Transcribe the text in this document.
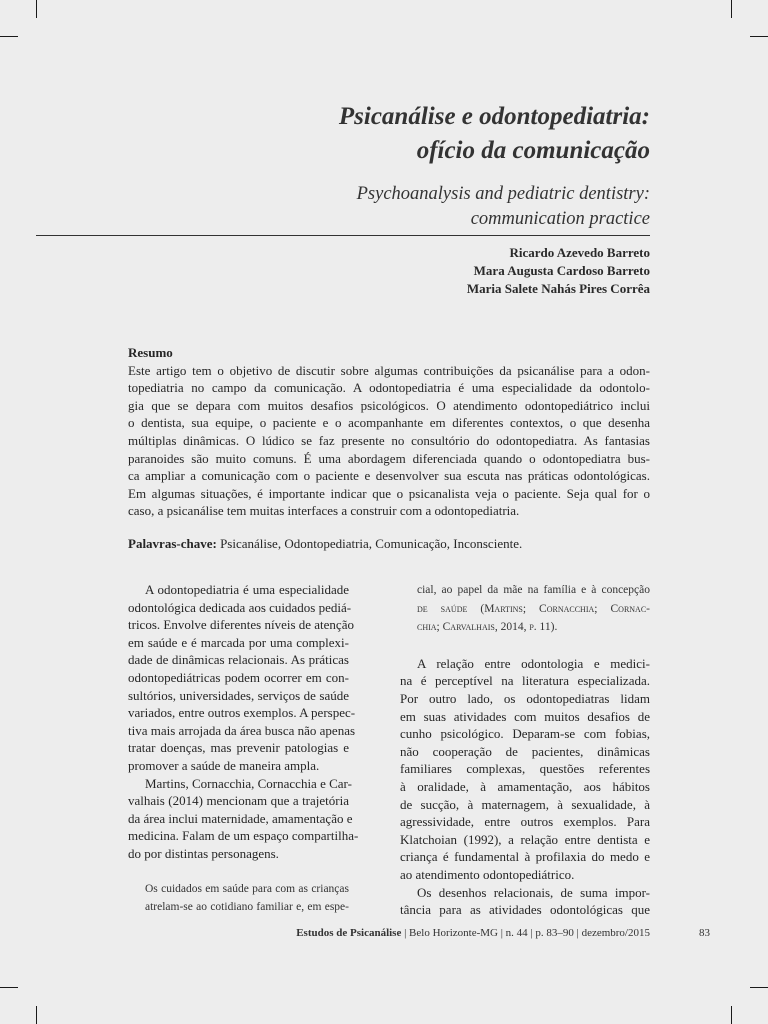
Psicanálise e odontopediatria:
ofício da comunicação
Psychoanalysis and pediatric dentistry:
communication practice
Ricardo Azevedo Barreto
Mara Augusta Cardoso Barreto
Maria Salete Nahás Pires Corrêa
Resumo
Este artigo tem o objetivo de discutir sobre algumas contribuições da psicanálise para a odon-
topediatria no campo da comunicação. A odontopediatria é uma especialidade da odontolo-
gia que se depara com muitos desafios psicológicos. O atendimento odontopediátrico inclui
o dentista, sua equipe, o paciente e o acompanhante em diferentes contextos, o que desenha
múltiplas dinâmicas. O lúdico se faz presente no consultório do odontopediatra. As fantasias
paranoides são muito comuns. É uma abordagem diferenciada quando o odontopediatra bus-
ca ampliar a comunicação com o paciente e desenvolver sua escuta nas práticas odontológicas.
Em algumas situações, é importante indicar que o psicanalista veja o paciente. Seja qual for o
caso, a psicanálise tem muitas interfaces a construir com a odontopediatria.
Palavras-chave: Psicanálise, Odontopediatria, Comunicação, Inconsciente.
A odontopediatria é uma especialidade
odontológica dedicada aos cuidados pediá-
tricos. Envolve diferentes níveis de atenção
em saúde e é marcada por uma complexi-
dade de dinâmicas relacionais. As práticas
odontopediátricas podem ocorrer em con-
sultórios, universidades, serviços de saúde
variados, entre outros exemplos. A perspec-
tiva mais arrojada da área busca não apenas
tratar doenças, mas prevenir patologias e
promover a saúde de maneira ampla.
Martins, Cornacchia, Cornacchia e Car-
valhais (2014) mencionam que a trajetória
da área inclui maternidade, amamentação e
medicina. Falam de um espaço compartilha-
do por distintas personagens.
Os cuidados em saúde para com as crianças
atrelam-se ao cotidiano familiar e, em espe-
cial, ao papel da mãe na família e à concepção
de saúde (Martins; Cornacchia; Cornac-
chia; Carvalhais, 2014, p. 11).
A relação entre odontologia e medici-
na é perceptível na literatura especializada.
Por outro lado, os odontopediatras lidam
em suas atividades com muitos desafios de
cunho psicológico. Deparam-se com fobias,
não cooperação de pacientes, dinâmicas
familiares complexas, questões referentes
à oralidade, à amamentação, aos hábitos
de sucção, à maternagem, à sexualidade, à
agressividade, entre outros exemplos. Para
Klatchoian (1992), a relação entre dentista e
criança é fundamental à profilaxia do medo e
ao atendimento odontopediátrico.
Os desenhos relacionais, de suma impor-
tância para as atividades odontológicas que
Estudos de Psicanálise | Belo Horizonte-MG | n. 44 | p. 83–90 | dezembro/2015	83
